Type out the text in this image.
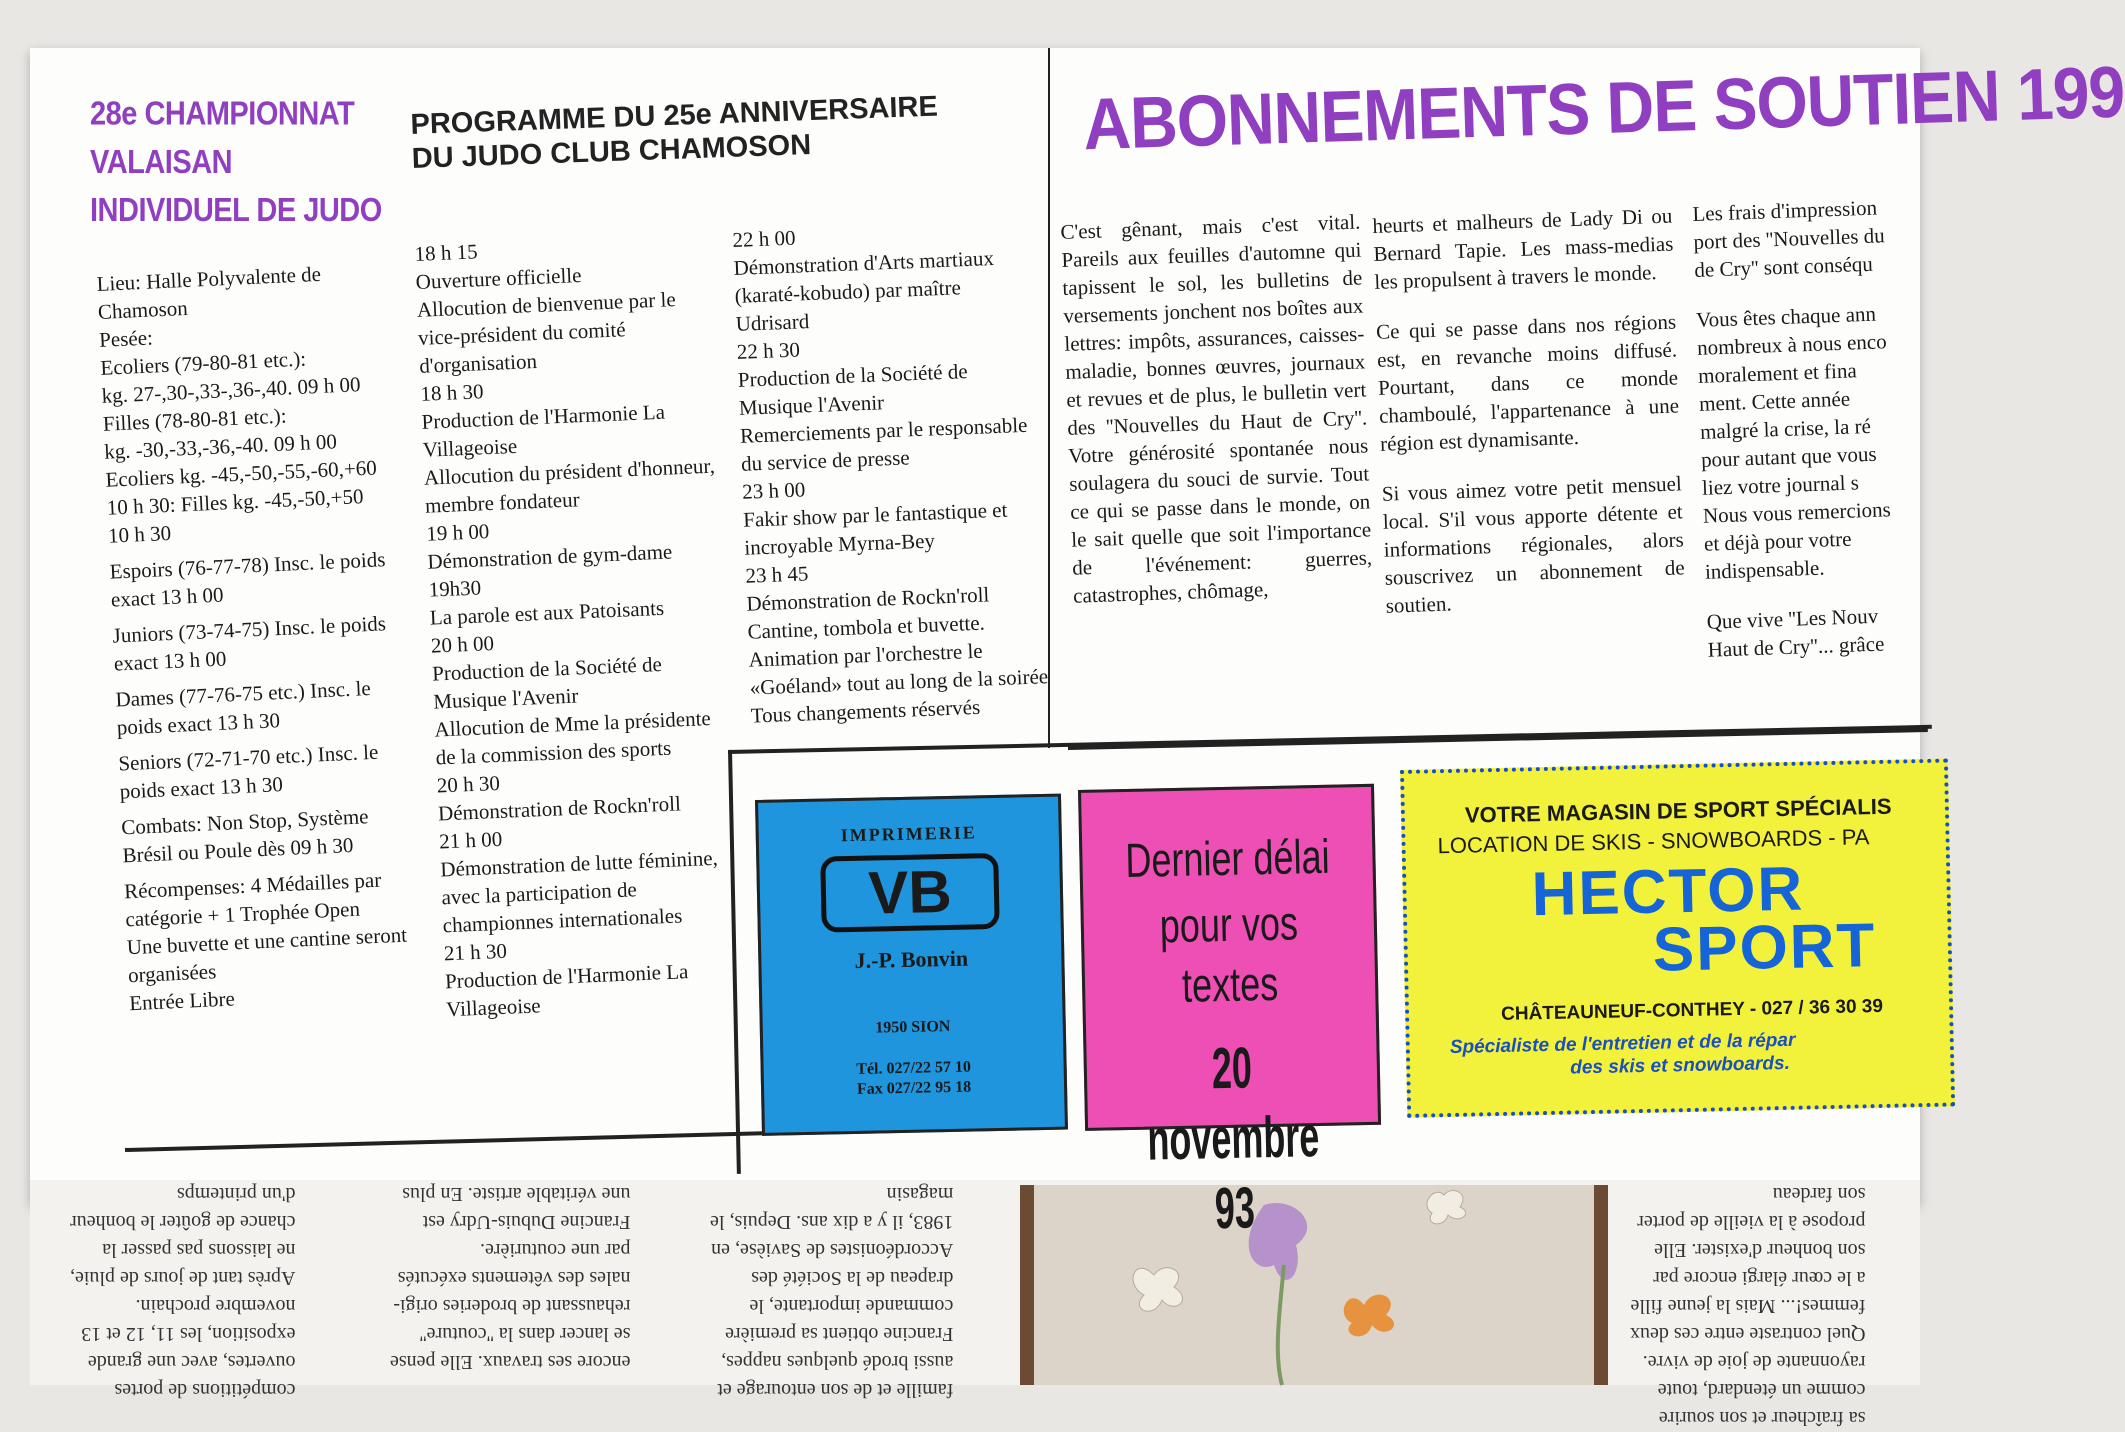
compétitions de portes
ouvertes, avec une grande
exposition, les 11, 12 et 13
novembre prochain.
Après tant de jours de pluie,
ne laissons pas passer la
chance de goûter le bonheur
d'un printemps
encore ses travaux. Elle pense
se lancer dans la ''couture''
rehaussant de broderies origi-
nales des vêtements exécutés
par une couturière.
Francine Dubuis-Udry est
une véritable artiste. En plus
famille et de son entourage et
aussi brodé quelques nappes,
Francine obtient sa première
commande importante, le
drapeau de la Société des
Accordéonistes de Savièse, en
1983, il y a dix ans. Depuis, le
magasin
sa fraîcheur et son sourire
comme un étendard, toute
rayonnante de joie de vivre.
Quel contraste entre ces deux
femmes!... Mais la jeune fille
a le cœur élargi encore par
son bonheur d'exister. Elle
propose à la vieille de porter
son fardeau
28e CHAMPIONNAT
VALAISAN
INDIVIDUEL DE JUDO
Lieu: Halle Polyvalente de Chamoson
Pesée:
Ecoliers (79-80-81 etc.):
kg. 27-,30-,33-,36-,40. 09 h 00
Filles (78-80-81 etc.):
kg. -30,-33,-36,-40. 09 h 00
Ecoliers kg. -45,-50,-55,-60,+60
10 h 30: Filles kg. -45,-50,+50
10 h 30
Espoirs (76-77-78) Insc. le poids exact 13 h 00
Juniors (73-74-75) Insc. le poids exact 13 h 00
Dames (77-76-75 etc.) Insc. le poids exact 13 h 30
Seniors (72-71-70 etc.) Insc. le poids exact 13 h 30
Combats: Non Stop, Système Brésil ou Poule dès 09 h 30
Récompenses: 4 Médailles par catégorie + 1 Trophée Open
Une buvette et une cantine seront organisées
Entrée Libre
PROGRAMME DU 25e ANNIVERSAIRE
DU JUDO CLUB CHAMOSON
18 h 15
Ouverture officielle
Allocution de bienvenue par le vice-président du comité d'organisation
18 h 30
Production de l'Harmonie La Villageoise
Allocution du président d'honneur, membre fondateur
19 h 00
Démonstration de gym-dame
19h30
La parole est aux Patoisants
20 h 00
Production de la Société de Musique l'Avenir
Allocution de Mme la présidente de la commission des sports
20 h 30
Démonstration de Rockn'roll
21 h 00
Démonstration de lutte féminine, avec la participation de championnes internationales
21 h 30
Production de l'Harmonie La Villageoise
22 h 00
Démonstration d'Arts martiaux (karaté-kobudo) par maître Udrisard
22 h 30
Production de la Société de Musique l'Avenir
Remerciements par le responsable du service de presse
23 h 00
Fakir show par le fantastique et incroyable Myrna-Bey
23 h 45
Démonstration de Rockn'roll
Cantine, tombola et buvette.
Animation par l'orchestre le «Goéland» tout au long de la soirée
Tous changements réservés
ABONNEMENTS DE SOUTIEN 199
C'est gênant, mais c'est vital. Pareils aux feuilles d'automne qui tapissent le sol, les bulletins de versements jonchent nos boîtes aux lettres: impôts, assurances, caisses-maladie, bonnes œuvres, journaux et revues et de plus, le bulletin vert des ''Nouvelles du Haut de Cry''. Votre générosité spontanée nous soulagera du souci de survie. Tout ce qui se passe dans le monde, on le sait quelle que soit l'importance de l'événement: guerres, catastrophes, chômage,
heurts et malheurs de Lady Di ou Bernard Tapie. Les mass-medias les propulsent à travers le monde.
Ce qui se passe dans nos régions est, en revanche moins diffusé. Pourtant, dans ce monde chamboulé, l'appartenance à une région est dynamisante.
Si vous aimez votre petit mensuel local. S'il vous apporte détente et informations régionales, alors souscrivez un abonnement de soutien.
Les frais d'impression
port des ''Nouvelles du
de Cry'' sont conséqu
Vous êtes chaque ann
nombreux à nous enco
moralement et fina
ment. Cette année
malgré la crise, la ré
pour autant que vous
liez votre journal s
Nous vous remercions
et déjà pour votre
indispensable.
Que vive ''Les Nouv
Haut de Cry''... grâce
IMPRIMERIE
VB
J.-P. Bonvin
1950 SION
Tél. 027/22 57 10
Fax 027/22 95 18
Dernier délai
pour vos textes
20 novembre 93
VOTRE MAGASIN DE SPORT SPÉCIALIS
LOCATION DE SKIS - SNOWBOARDS - PA
HECTOR
SPORT
CHÂTEAUNEUF-CONTHEY - 027 / 36 30 39
Spécialiste de l'entretien et de la répar
des skis et snowboards.
